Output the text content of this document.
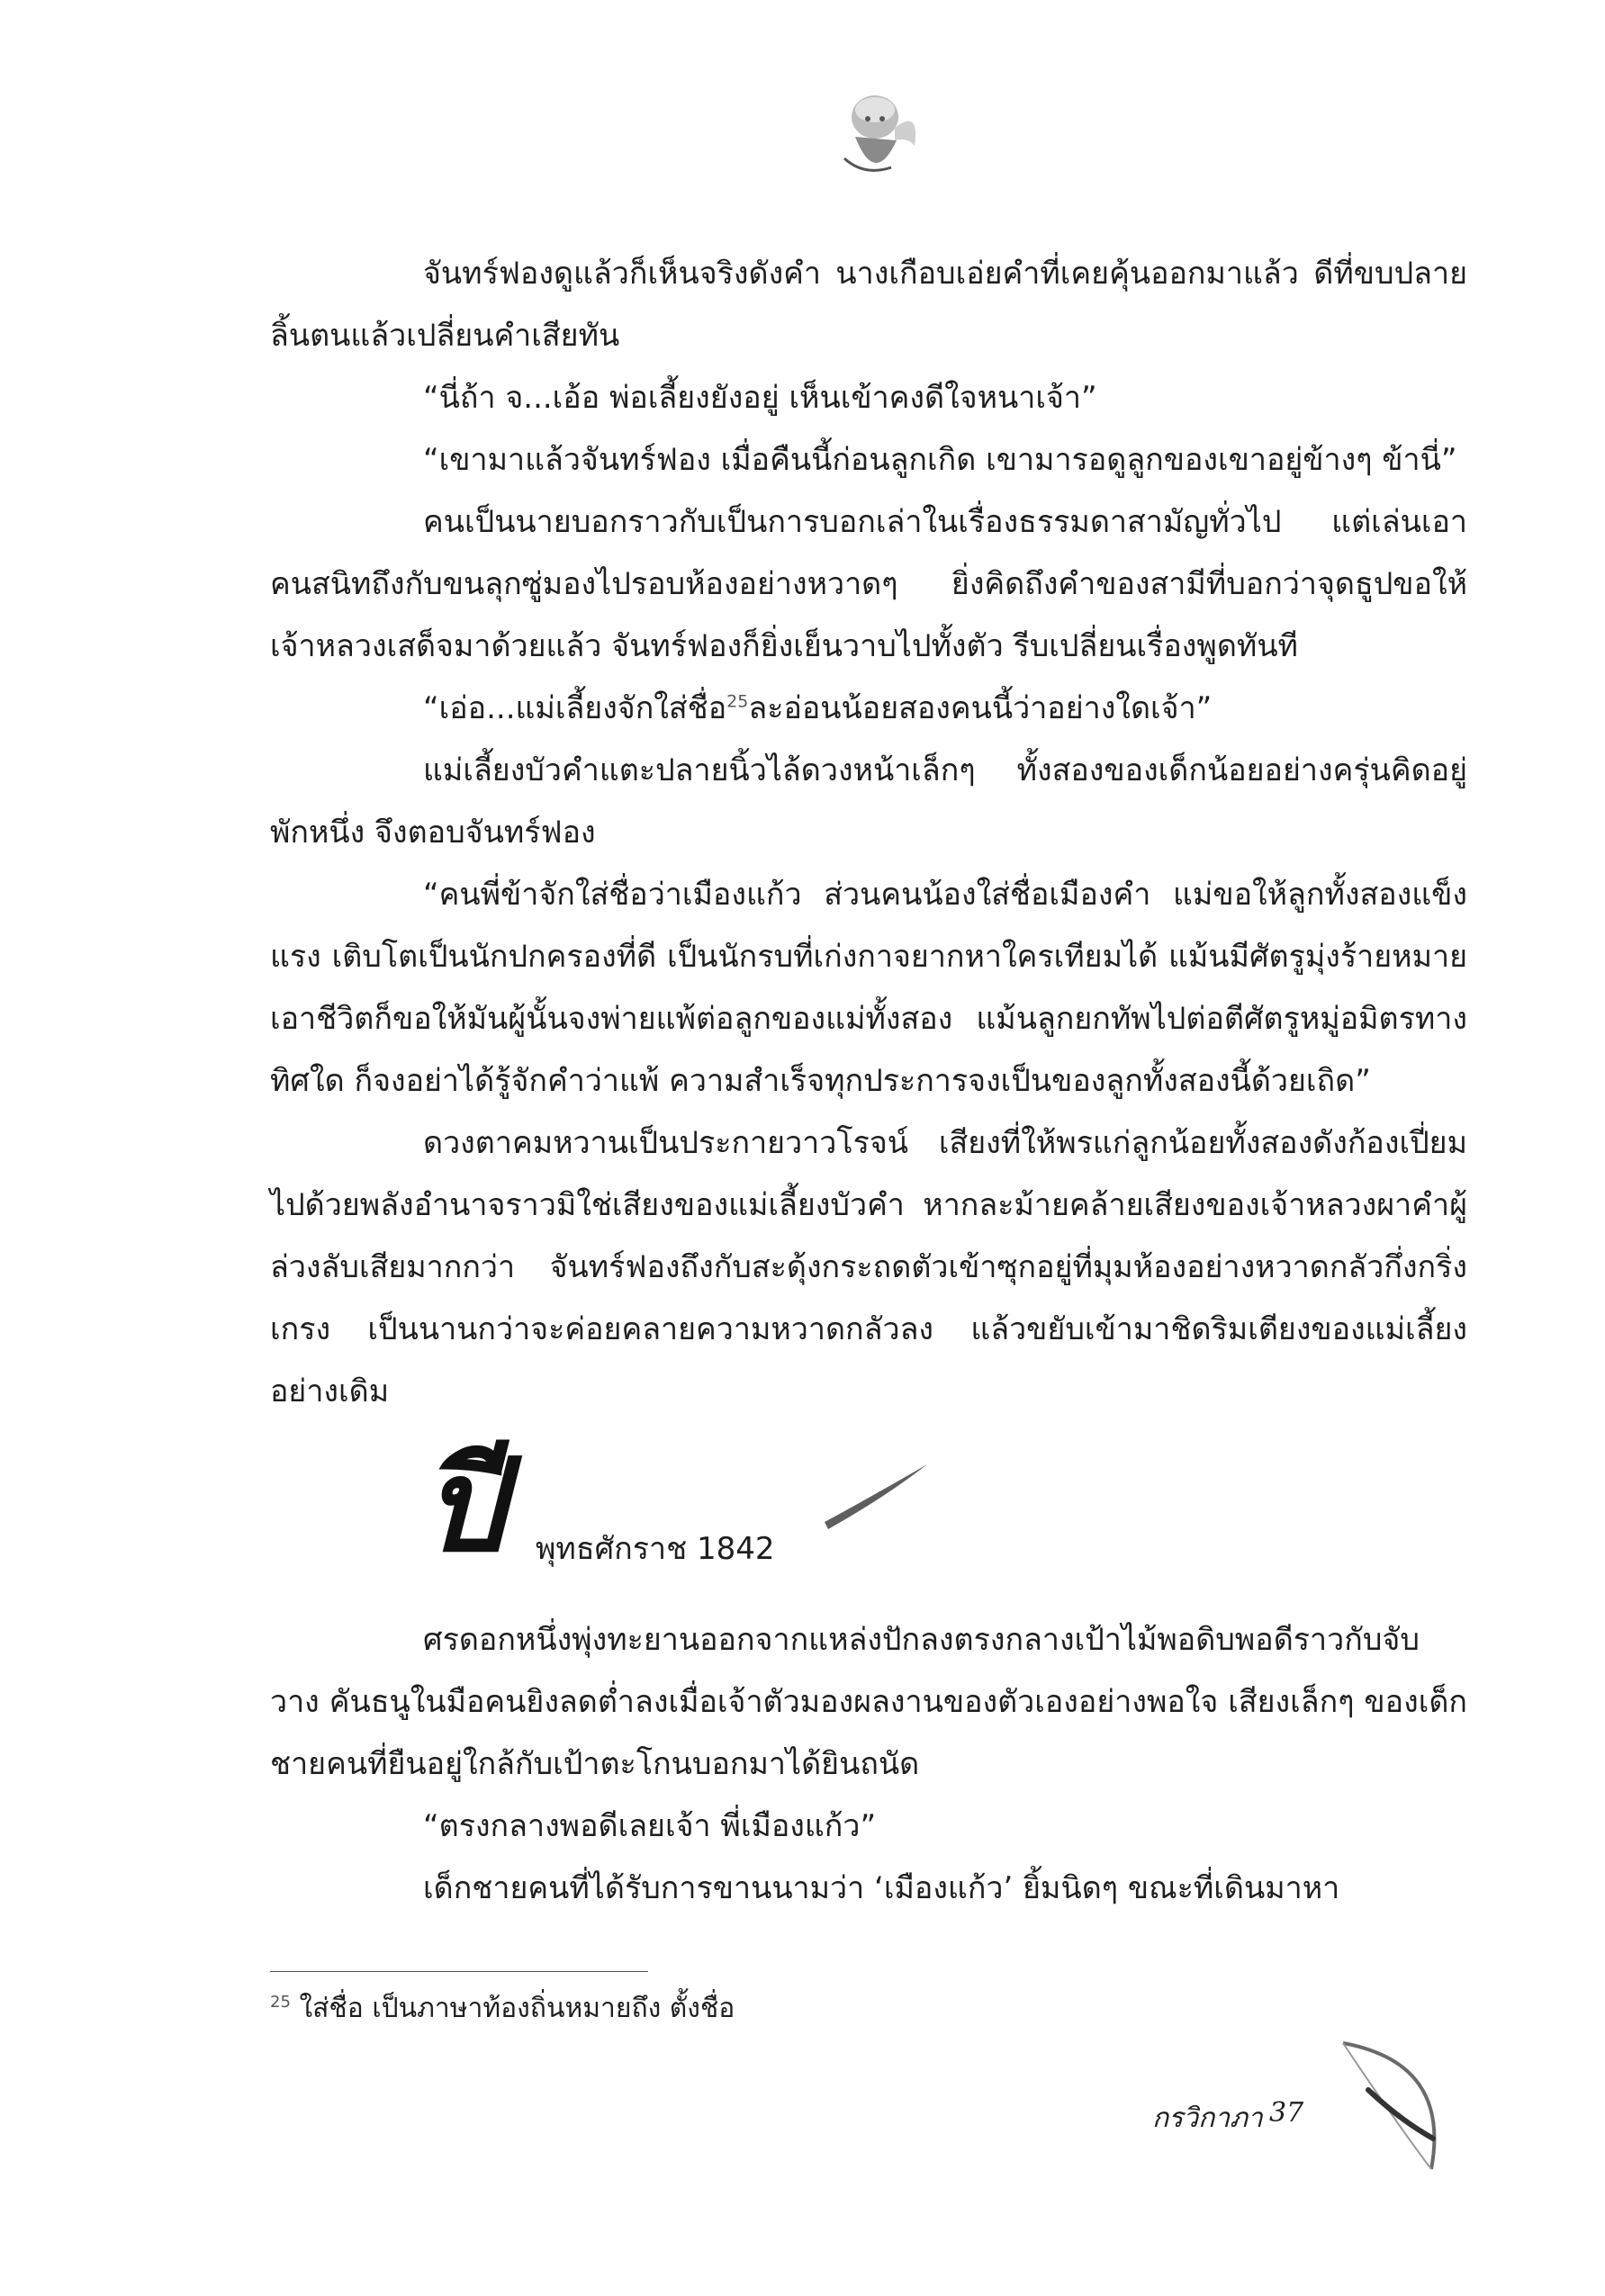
จันทร์ฟองดูแล้วก็เห็นจริงดังคำ นางเกือบเอ่ยคำที่เคยคุ้นออกมาแล้ว ดีที่ขบปลายลิ้นตนแล้วเปลี่ยนคำเสียทัน

“นี่ถ้า จ...เอ้อ พ่อเลี้ยงยังอยู่ เห็นเข้าคงดีใจหนาเจ้า”

“เขามาแล้วจันทร์ฟอง เมื่อคืนนี้ก่อนลูกเกิด เขามารอดูลูกของเขาอยู่ข้างๆ ข้านี่”

คนเป็นนายบอกราวกับเป็นการบอกเล่าในเรื่องธรรมดาสามัญทั่วไป แต่เล่นเอาคนสนิทถึงกับขนลุกซู่มองไปรอบห้องอย่างหวาดๆ ยิ่งคิดถึงคำของสามีที่บอกว่าจุดธูปขอให้เจ้าหลวงเสด็จมาด้วยแล้ว จันทร์ฟองก็ยิ่งเย็นวาบไปทั้งตัว รีบเปลี่ยนเรื่องพูดทันที

“เอ่อ...แม่เลี้ยงจักใส่ชื่อ$^{25}$ละอ่อนน้อยสองคนนี้ว่าอย่างใดเจ้า”

แม่เลี้ยงบัวคำแตะปลายนิ้วไล้ดวงหน้าเล็กๆ ทั้งสองของเด็กน้อยอย่างครุ่นคิดอยู่พักหนึ่ง จึงตอบจันทร์ฟอง

“คนพี่ข้าจักใส่ชื่อว่าเมืองแก้ว ส่วนคนน้องใส่ชื่อเมืองคำ แม่ขอให้ลูกทั้งสองแข็งแรง เติบโตเป็นนักปกครองที่ดี เป็นนักรบที่เก่งกาจยากหาใครเทียมได้ แม้นมีศัตรูมุ่งร้ายหมายเอาชีวิตก็ขอให้มันผู้นั้นจงพ่ายแพ้ต่อลูกของแม่ทั้งสอง แม้นลูกยกทัพไปต่อตีศัตรูหมู่อมิตรทางทิศใด ก็จงอย่าได้รู้จักคำว่าแพ้ ความสำเร็จทุกประการจงเป็นของลูกทั้งสองนี้ด้วยเถิด”

ดวงตาคมหวานเป็นประกายวาวโรจน์ เสียงที่ให้พรแก่ลูกน้อยทั้งสองดังก้องเปี่ยมไปด้วยพลังอำนาจราวมิใช่เสียงของแม่เลี้ยงบัวคำ หากละม้ายคล้ายเสียงของเจ้าหลวงผาคำผู้ล่วงลับเสียมากกว่า จันทร์ฟองถึงกับสะดุ้งกระถดตัวเข้าซุกอยู่ที่มุมห้องอย่างหวาดกลัวกึ่งกริ่งเกรง เป็นนานกว่าจะค่อยคลายความหวาดกลัวลง แล้วขยับเข้ามาชิดริมเตียงของแม่เลี้ยงอย่างเดิม

ปี พุทธศักราช 1842

ศรดอกหนึ่งพุ่งทะยานออกจากแหล่งปักลงตรงกลางเป้าไม้พอดิบพอดีราวกับจับวาง คันธนูในมือคนยิงลดต่ำลงเมื่อเจ้าตัวมองผลงานของตัวเองอย่างพอใจ เสียงเล็กๆ ของเด็กชายคนที่ยืนอยู่ใกล้กับเป้าตะโกนบอกมาได้ยินถนัด

“ตรงกลางพอดีเลยเจ้า พี่เมืองแก้ว”

เด็กชายคนที่ได้รับการขานนามว่า ‘เมืองแก้ว’ ยิ้มนิดๆ ขณะที่เดินมาหา

$^{25}$ ใส่ชื่อ เป็นภาษาท้องถิ่นหมายถึง ตั้งชื่อ
กรวิกาภา 37
